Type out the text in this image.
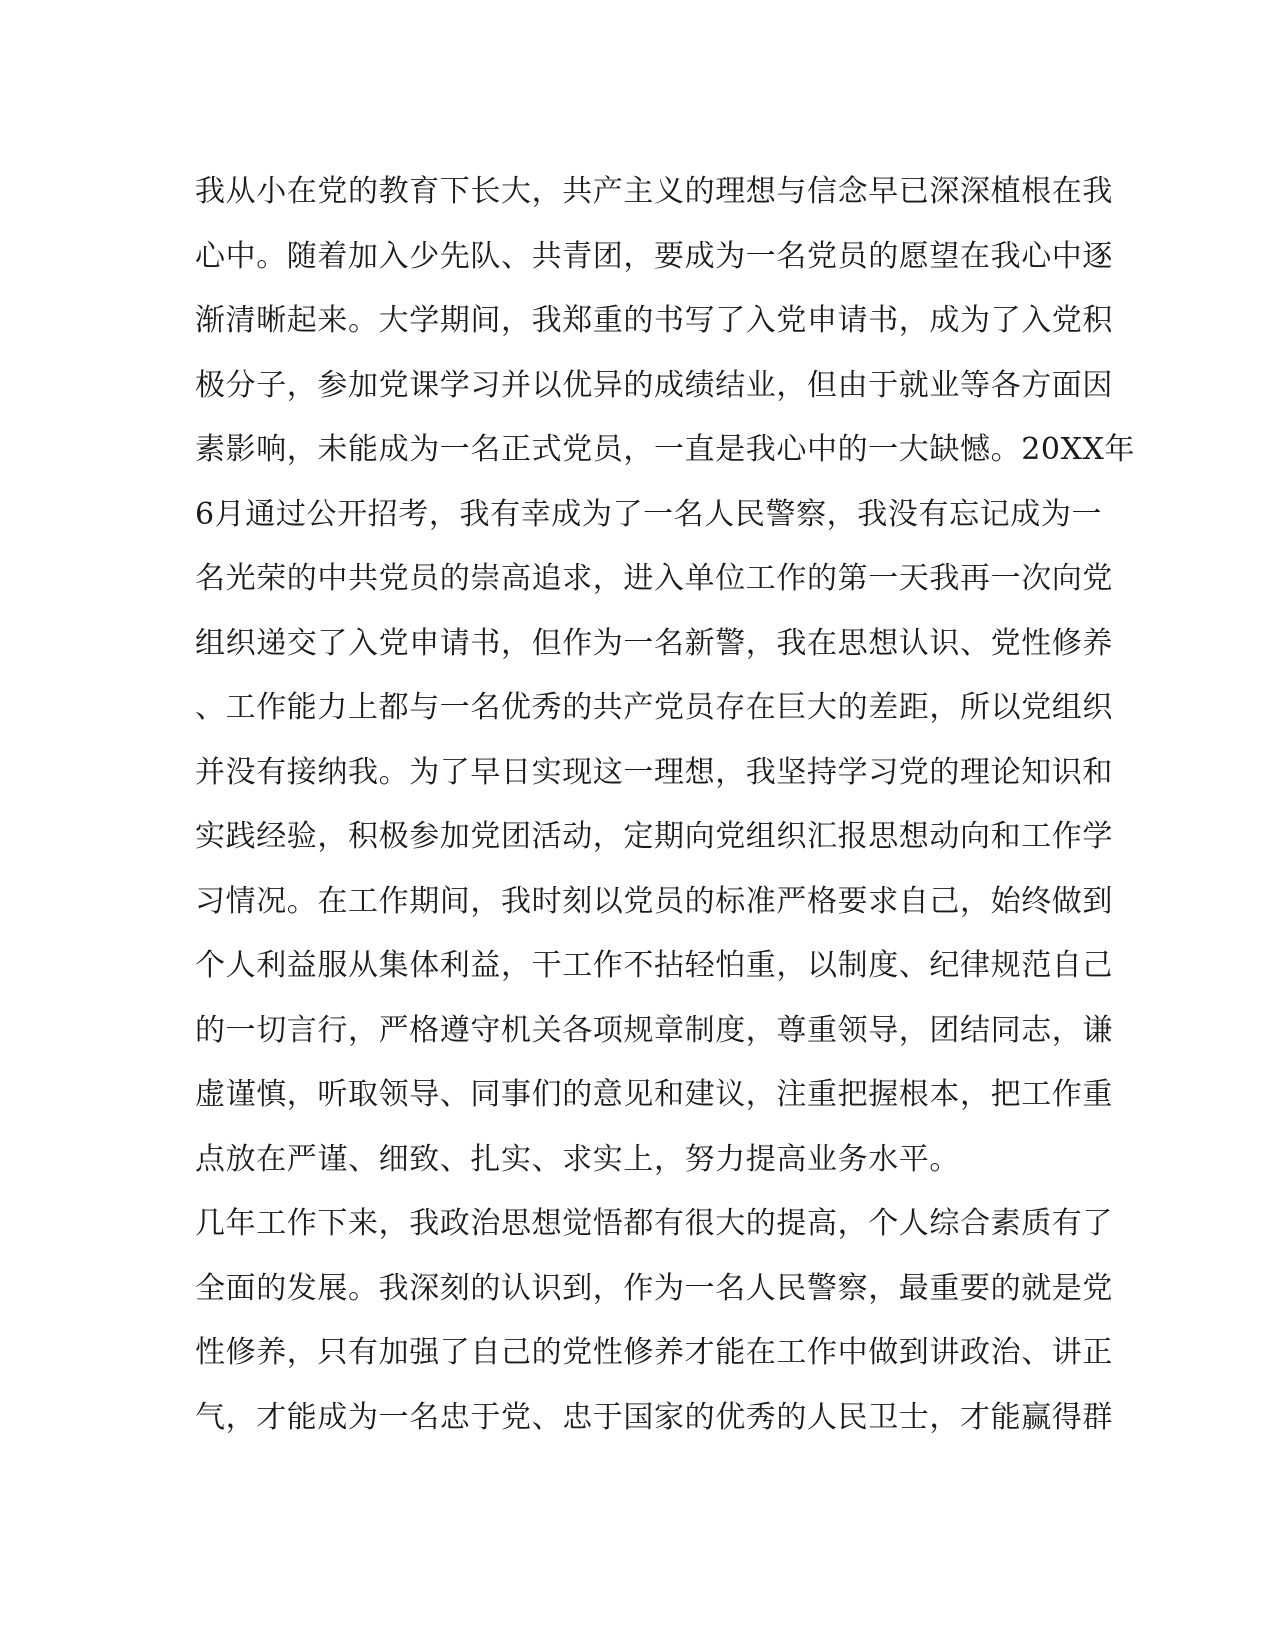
我从小在党的教育下长大，共产主义的理想与信念早已深深植根在我
心中。随着加入少先队、共青团，要成为一名党员的愿望在我心中逐
渐清晰起来。大学期间，我郑重的书写了入党申请书，成为了入党积
极分子，参加党课学习并以优异的成绩结业，但由于就业等各方面因
素影响，未能成为一名正式党员，一直是我心中的一大缺憾。20XX年
6月通过公开招考，我有幸成为了一名人民警察，我没有忘记成为一
名光荣的中共党员的崇高追求，进入单位工作的第一天我再一次向党
组织递交了入党申请书，但作为一名新警，我在思想认识、党性修养
、工作能力上都与一名优秀的共产党员存在巨大的差距，所以党组织
并没有接纳我。为了早日实现这一理想，我坚持学习党的理论知识和
实践经验，积极参加党团活动，定期向党组织汇报思想动向和工作学
习情况。在工作期间，我时刻以党员的标准严格要求自己，始终做到
个人利益服从集体利益，干工作不拈轻怕重，以制度、纪律规范自己
的一切言行，严格遵守机关各项规章制度，尊重领导，团结同志，谦
虚谨慎，听取领导、同事们的意见和建议，注重把握根本，把工作重
点放在严谨、细致、扎实、求实上，努力提高业务水平。
几年工作下来，我政治思想觉悟都有很大的提高，个人综合素质有了
全面的发展。我深刻的认识到，作为一名人民警察，最重要的就是党
性修养，只有加强了自己的党性修养才能在工作中做到讲政治、讲正
气，才能成为一名忠于党、忠于国家的优秀的人民卫士，才能赢得群
